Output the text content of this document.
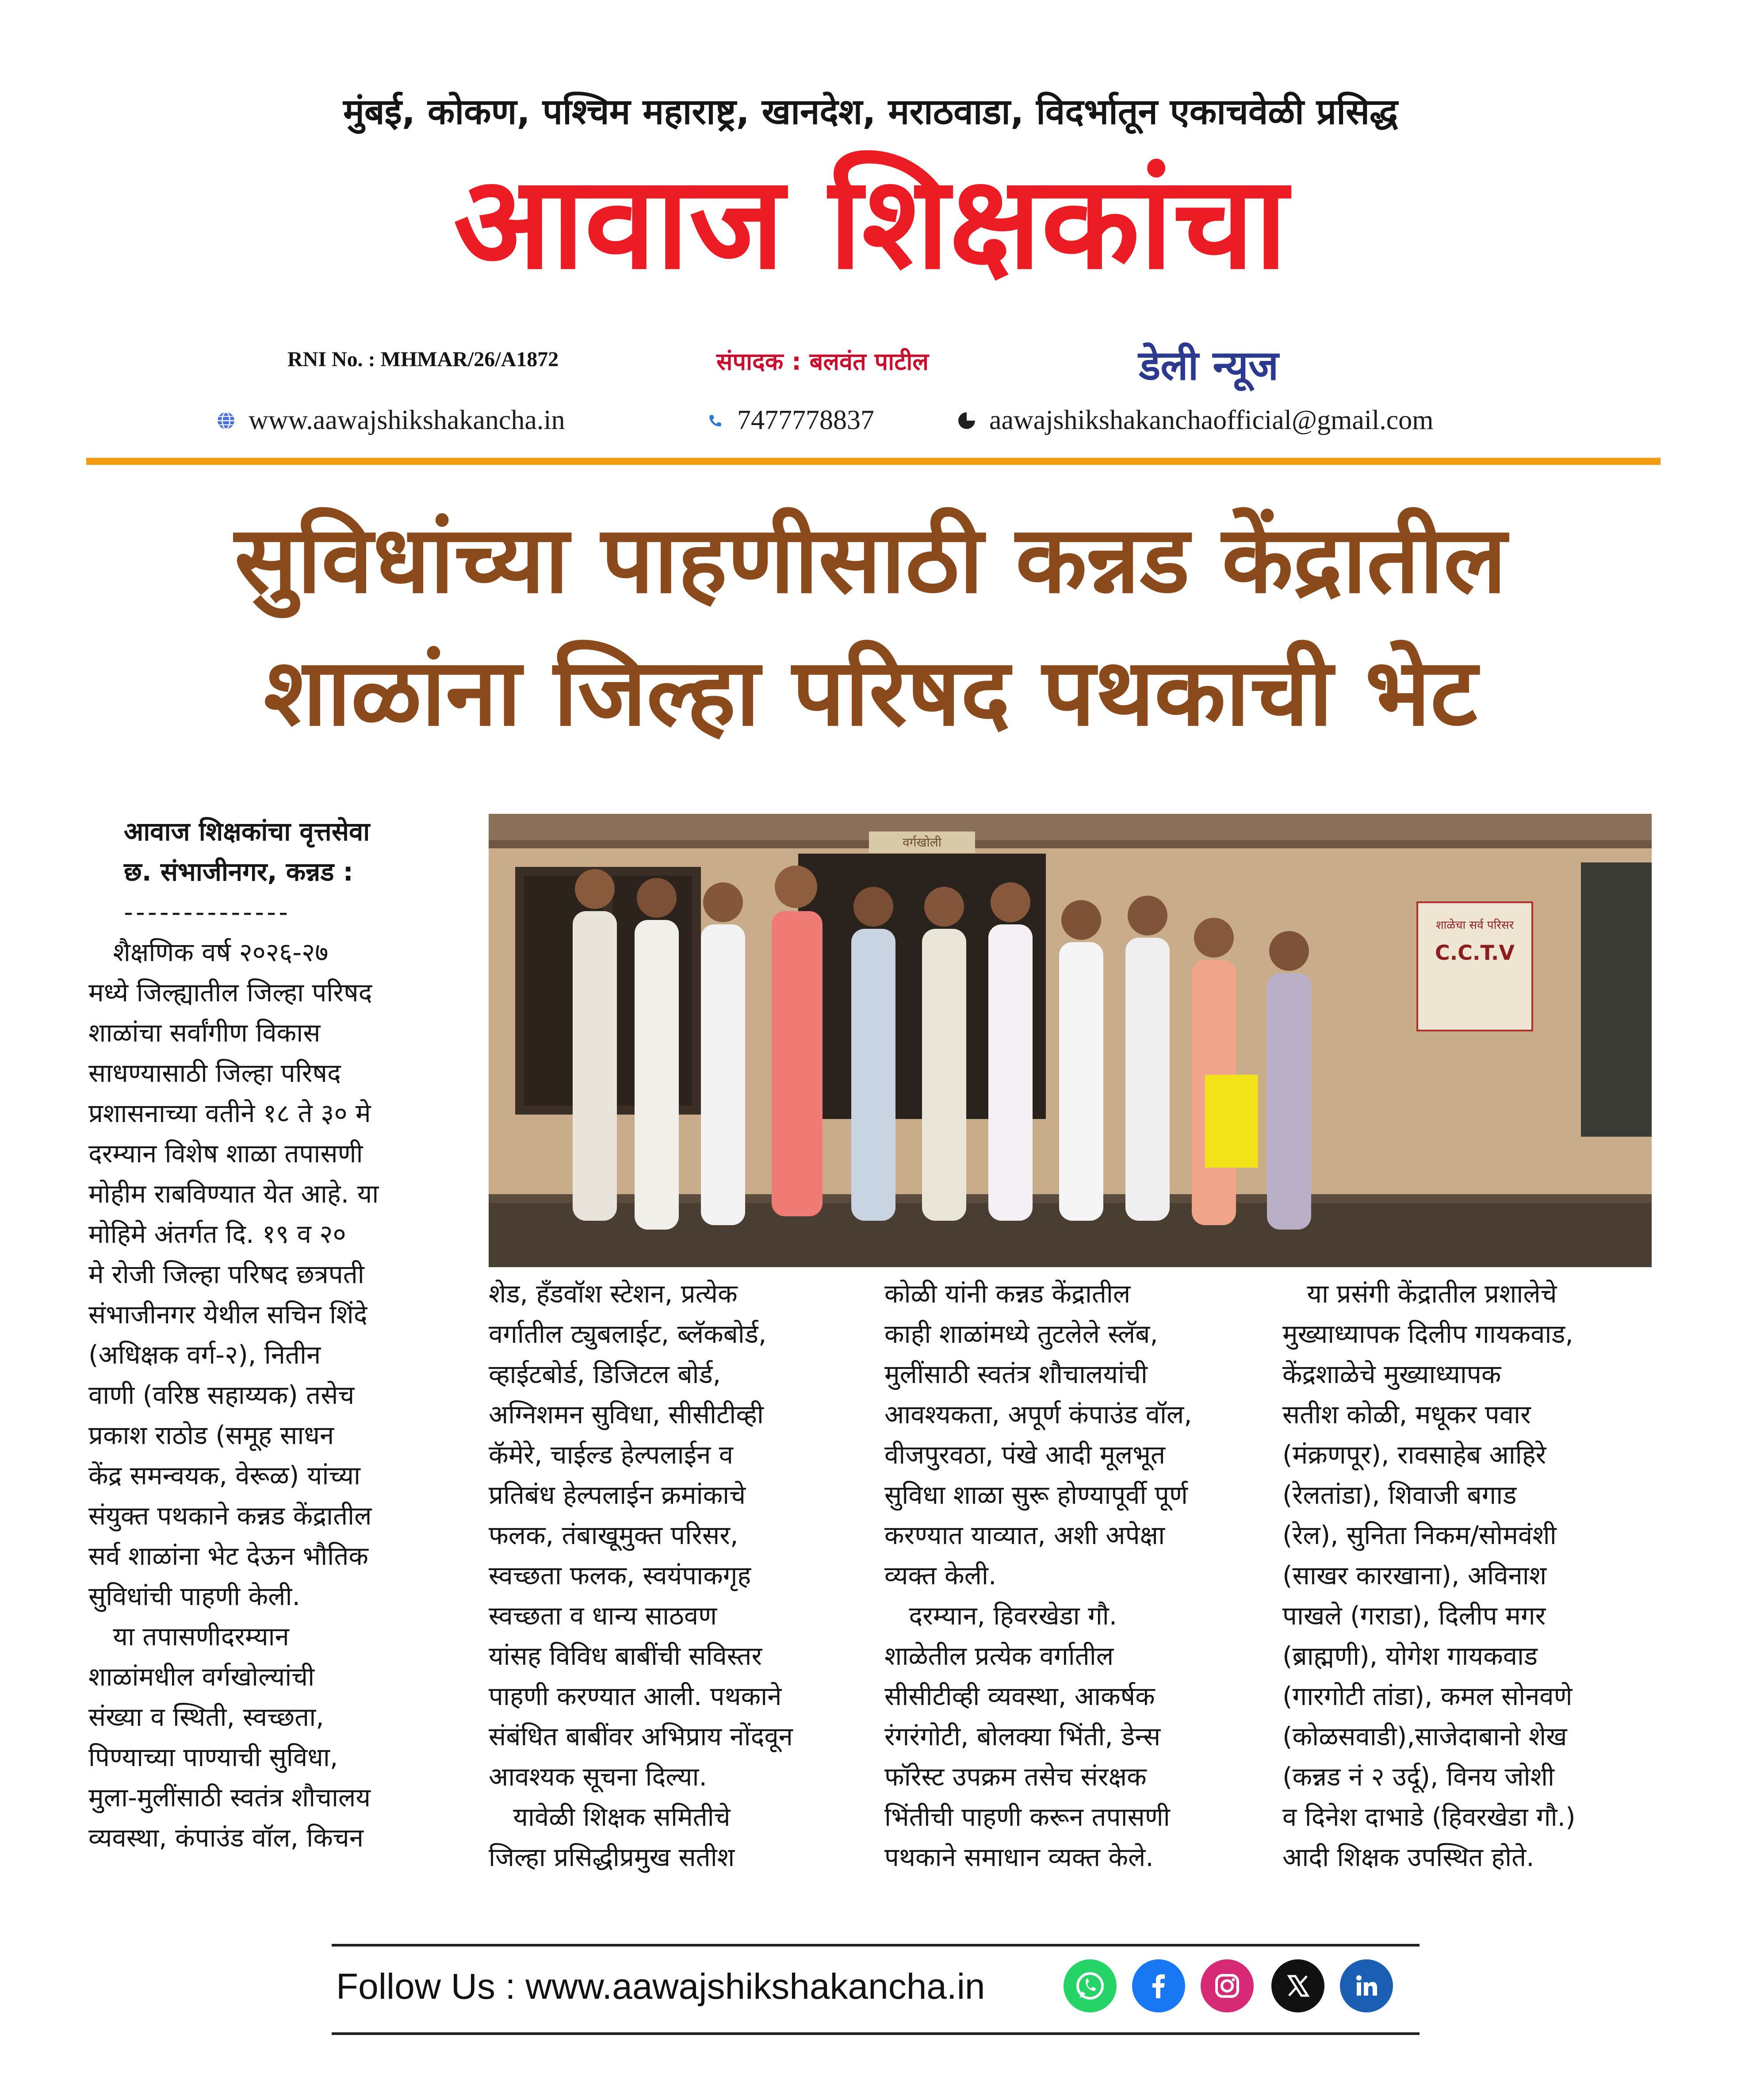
मुंबई, कोकण, पश्चिम महाराष्ट्र, खानदेश, मराठवाडा, विदर्भातून एकाचवेळी प्रसिद्ध
आवाज शिक्षकांचा
RNI No. : MHMAR/26/A1872	संपादक : बलवंत पाटील	डेली न्यूज
www.aawajshikshakancha.in	7477778837	aawajshikshakanchaofficial@gmail.com
सुविधांच्या पाहणीसाठी कन्नड केंद्रातील
शाळांना जिल्हा परिषद पथकाची भेट

आवाज शिक्षकांचा वृत्तसेवा

छ. संभाजीनगर, कन्नड :

--------------

शैक्षणिक वर्ष २०२६-२७
मध्ये जिल्ह्यातील जिल्हा परिषद
शाळांचा सर्वांगीण विकास
साधण्यासाठी जिल्हा परिषद
प्रशासनाच्या वतीने १८ ते ३० मे
दरम्यान विशेष शाळा तपासणी
मोहीम राबविण्यात येत आहे. या
मोहिमे अंतर्गत दि. १९ व २०
मे रोजी जिल्हा परिषद छत्रपती
संभाजीनगर येथील सचिन शिंदे
(अधिक्षक वर्ग-२), नितीन
वाणी (वरिष्ठ सहाय्यक) तसेच
प्रकाश राठोड (समूह साधन
केंद्र समन्वयक, वेरूळ) यांच्या
संयुक्त पथकाने कन्नड केंद्रातील
सर्व शाळांना भेट देऊन भौतिक
सुविधांची पाहणी केली.
या तपासणीदरम्यान
शाळांमधील वर्गखोल्यांची
संख्या व स्थिती, स्वच्छता,
पिण्याच्या पाण्याची सुविधा,
मुला-मुलींसाठी स्वतंत्र शौचालय
व्यवस्था, कंपाउंड वॉल, किचन

वर्गखोली
शाळेचा सर्व परिसर
C.C.T.V

शेड, हँडवॉश स्टेशन, प्रत्येक
वर्गातील ट्युबलाईट, ब्लॅकबोर्ड,
व्हाईटबोर्ड, डिजिटल बोर्ड,
अग्निशमन सुविधा, सीसीटीव्ही
कॅमेरे, चाईल्ड हेल्पलाईन व
प्रतिबंध हेल्पलाईन क्रमांकाचे
फलक, तंबाखूमुक्त परिसर,
स्वच्छता फलक, स्वयंपाकगृह
स्वच्छता व धान्य साठवण
यांसह विविध बाबींची सविस्तर
पाहणी करण्यात आली. पथकाने
संबंधित बाबींवर अभिप्राय नोंदवून
आवश्यक सूचना दिल्या.
यावेळी शिक्षक समितीचे
जिल्हा प्रसिद्धीप्रमुख सतीश

कोळी यांनी कन्नड केंद्रातील
काही शाळांमध्ये तुटलेले स्लॅब,
मुलींसाठी स्वतंत्र शौचालयांची
आवश्यकता, अपूर्ण कंपाउंड वॉल,
वीजपुरवठा, पंखे आदी मूलभूत
सुविधा शाळा सुरू होण्यापूर्वी पूर्ण
करण्यात याव्यात, अशी अपेक्षा
व्यक्त केली.
दरम्यान, हिवरखेडा गौ.
शाळेतील प्रत्येक वर्गातील
सीसीटीव्ही व्यवस्था, आकर्षक
रंगरंगोटी, बोलक्या भिंती, डेन्स
फॉरेस्ट उपक्रम तसेच संरक्षक
भिंतीची पाहणी करून तपासणी
पथकाने समाधान व्यक्त केले.

या प्रसंगी केंद्रातील प्रशालेचे
मुख्याध्यापक दिलीप गायकवाड,
केंद्रशाळेचे मुख्याध्यापक
सतीश कोळी, मधूकर पवार
(मंक्रणपूर), रावसाहेब आहिरे
(रेलतांडा), शिवाजी बगाड
(रेल), सुनिता निकम/सोमवंशी
(साखर कारखाना), अविनाश
पाखले (गराडा), दिलीप मगर
(ब्राह्मणी), योगेश गायकवाड
(गारगोटी तांडा), कमल सोनवणे
(कोळसवाडी),साजेदाबानो शेख
(कन्नड नं २ उर्दू), विनय जोशी
व दिनेश दाभाडे (हिवरखेडा गौ.)
आदी शिक्षक उपस्थित होते.

Follow Us : www.aawajshikshakancha.in
